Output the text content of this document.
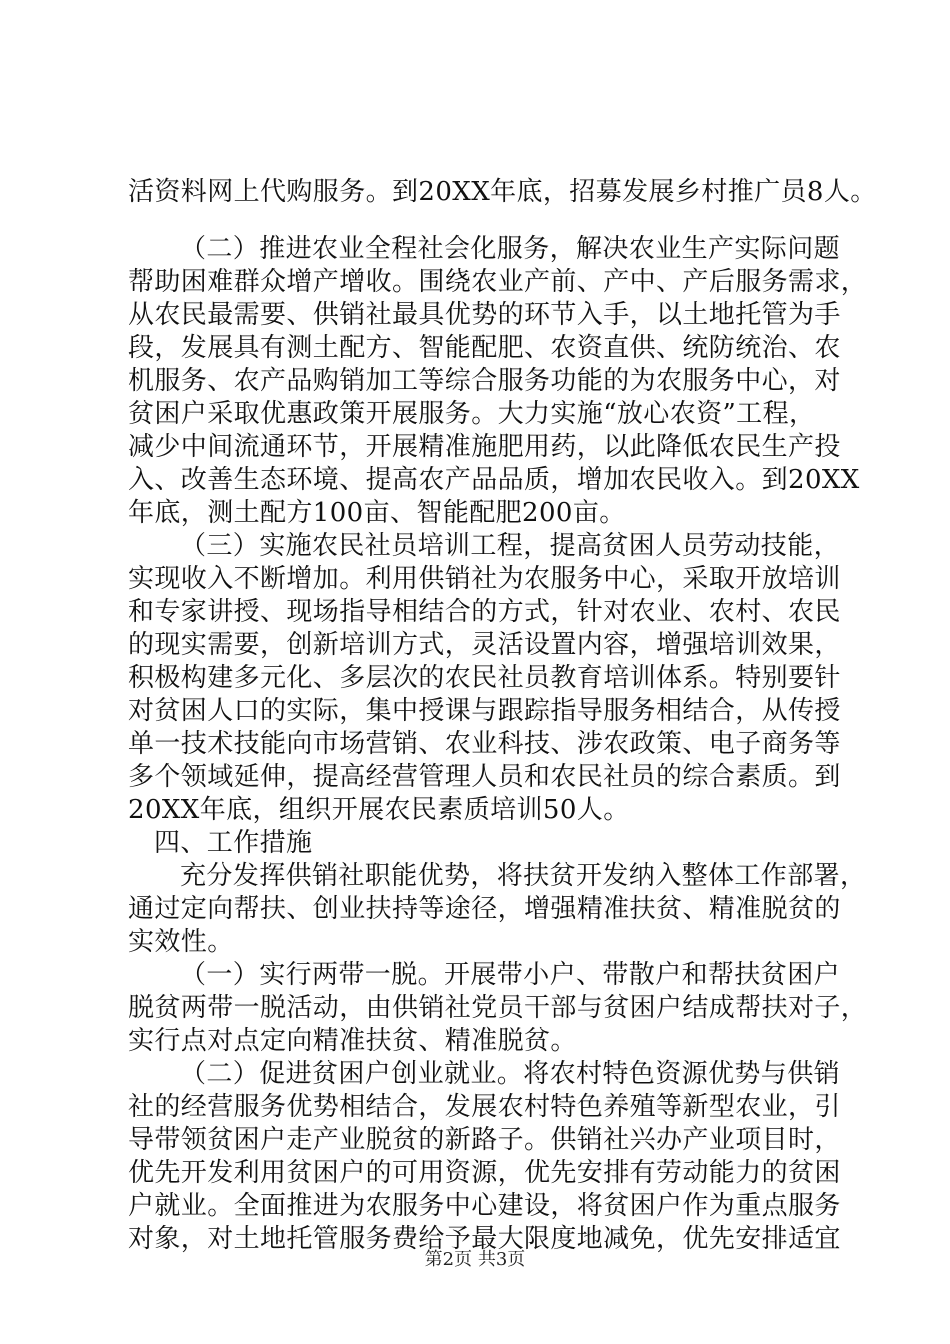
活资料网上代购服务。到20XX年底，招募发展乡村推广员8人。
（二）推进农业全程社会化服务，解决农业生产实际问题
帮助困难群众增产增收。围绕农业产前、产中、产后服务需求，
从农民最需要、供销社最具优势的环节入手，以土地托管为手
段，发展具有测土配方、智能配肥、农资直供、统防统治、农
机服务、农产品购销加工等综合服务功能的为农服务中心，对
贫困户采取优惠政策开展服务。大力实施“放心农资”工程，
减少中间流通环节，开展精准施肥用药，以此降低农民生产投
入、改善生态环境、提高农产品品质，增加农民收入。到20XX
年底，测土配方100亩、智能配肥200亩。
（三）实施农民社员培训工程，提高贫困人员劳动技能，
实现收入不断增加。利用供销社为农服务中心，采取开放培训
和专家讲授、现场指导相结合的方式，针对农业、农村、农民
的现实需要，创新培训方式，灵活设置内容，增强培训效果，
积极构建多元化、多层次的农民社员教育培训体系。特别要针
对贫困人口的实际，集中授课与跟踪指导服务相结合，从传授
单一技术技能向市场营销、农业科技、涉农政策、电子商务等
多个领域延伸，提高经营管理人员和农民社员的综合素质。到
20XX年底，组织开展农民素质培训50人。
四、工作措施
充分发挥供销社职能优势，将扶贫开发纳入整体工作部署，
通过定向帮扶、创业扶持等途径，增强精准扶贫、精准脱贫的
实效性。
（一）实行两带一脱。开展带小户、带散户和帮扶贫困户
脱贫两带一脱活动，由供销社党员干部与贫困户结成帮扶对子，
实行点对点定向精准扶贫、精准脱贫。
（二）促进贫困户创业就业。将农村特色资源优势与供销
社的经营服务优势相结合，发展农村特色养殖等新型农业，引
导带领贫困户走产业脱贫的新路子。供销社兴办产业项目时，
优先开发利用贫困户的可用资源，优先安排有劳动能力的贫困
户就业。全面推进为农服务中心建设，将贫困户作为重点服务
对象，对土地托管服务费给予最大限度地减免，优先安排适宜
第2页 共3页
